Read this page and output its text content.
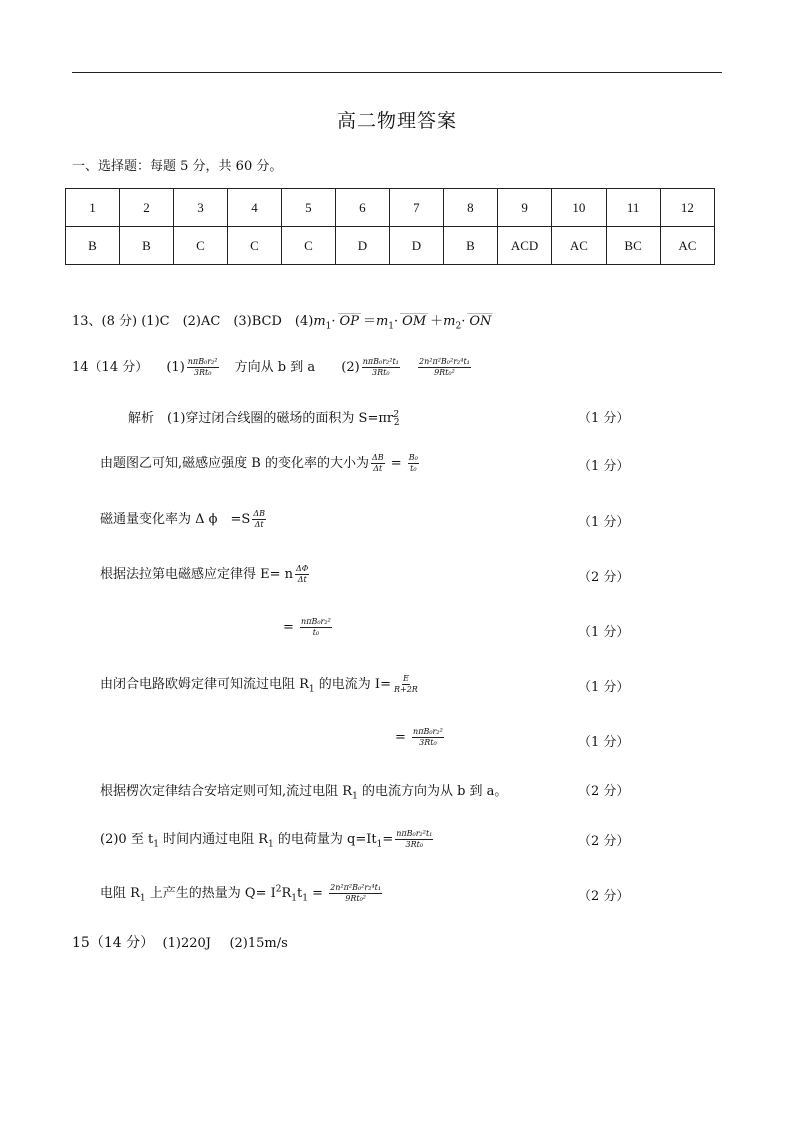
高二物理答案
一、选择题：每题 5 分，共 60 分。
1	2	3	4	5	6	7	8	9	10	11	12
B	B	C	C	C	D	D	B	ACD	AC	BC	AC
13、(8 分) (1)C　(2)AC　(3)BCD　$(4)m_1\cdot$ OP $=m_1\cdot$ OM $+m_2\cdot$ ON
14（14 分） $(1) \frac{\text{nπB₀r₂²}}{\text{3Rt₀}}$ 方向从 b 到 a $(2) \frac{\text{nπB₀r₂²t₁}}{\text{3Rt₀}}$
$\frac{\text{2n²π²B₀²r₂⁴t₁}}{\text{9Rt₀²}}$
解析　(1)穿过闭合线圈的磁场的面积为 $S=\pi r^2_2$	（1 分）
由题图乙可知,磁感应强度 B 的变化率的大小为 $\frac{\Delta B}{\Delta t} = \frac{\text{B₀}}{\text{t₀}}$	（1 分）
磁通量变化率为 Δ ϕ　$=S \frac{\Delta B}{\Delta t}$	（1 分）
根据法拉第电磁感应定律得 E= n $\frac{\Delta\Phi}{\Delta t}$	（2 分）
= $\frac{\text{nπB₀r₂²}}{\text{t₀}}$	（1 分）
由闭合电路欧姆定律可知流过电阻 $R_1$ 的电流为 $I= \frac{E}{R+2R}$	（1 分）
= $\frac{\text{nπB₀r₂²}}{\text{3Rt₀}}$	（1 分）
根据楞次定律结合安培定则可知,流过电阻 $R_1$ 的电流方向为从 b 到 a。	（2 分）
(2)0 至 $t_1$ 时间内通过电阻 $R_1$ 的电荷量为 $q=It_1= \frac{\text{nπB₀r₂²t₁}}{\text{3Rt₀}}$	（2 分）
电阻 $R_1$ 上产生的热量为 $Q= I^2R_1t_1 = \frac{\text{2n²π²B₀²r₂⁴t₁}}{\text{9Rt₀²}}$	（2 分）
15（14 分） (1)220J (2)15m/s
